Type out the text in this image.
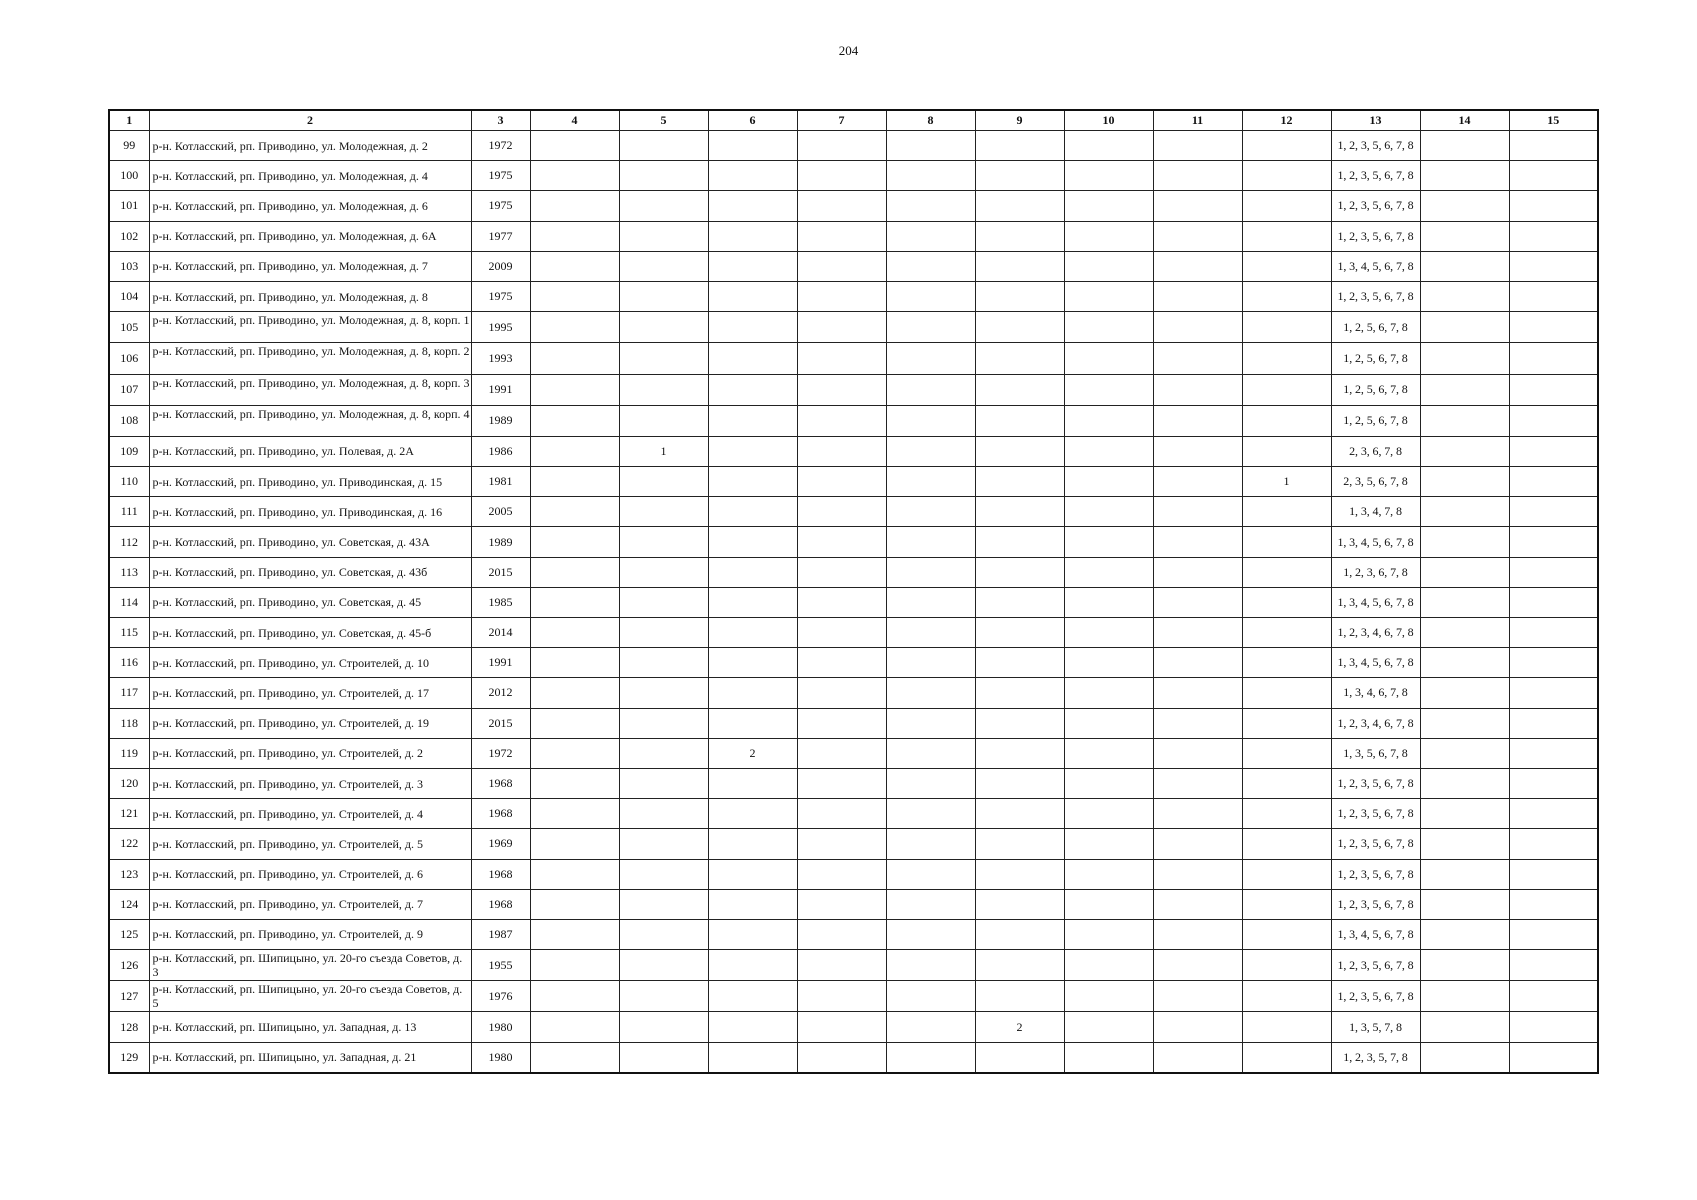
204
1	2	3	4	5	6	7	8	9	10	11	12	13	14	15
99	р-н. Котласский, рп. Приводино, ул. Молодежная, д. 2	1972										1, 2, 3, 5, 6, 7, 8		
100	р-н. Котласский, рп. Приводино, ул. Молодежная, д. 4	1975										1, 2, 3, 5, 6, 7, 8		
101	р-н. Котласский, рп. Приводино, ул. Молодежная, д. 6	1975										1, 2, 3, 5, 6, 7, 8		
102	р-н. Котласский, рп. Приводино, ул. Молодежная, д. 6А	1977										1, 2, 3, 5, 6, 7, 8		
103	р-н. Котласский, рп. Приводино, ул. Молодежная, д. 7	2009										1, 3, 4, 5, 6, 7, 8		
104	р-н. Котласский, рп. Приводино, ул. Молодежная, д. 8	1975										1, 2, 3, 5, 6, 7, 8		
105	р-н. Котласский, рп. Приводино, ул. Молодежная, д. 8, корп. 1	1995										1, 2, 5, 6, 7, 8		
106	р-н. Котласский, рп. Приводино, ул. Молодежная, д. 8, корп. 2	1993										1, 2, 5, 6, 7, 8		
107	р-н. Котласский, рп. Приводино, ул. Молодежная, д. 8, корп. 3	1991										1, 2, 5, 6, 7, 8		
108	р-н. Котласский, рп. Приводино, ул. Молодежная, д. 8, корп. 4	1989										1, 2, 5, 6, 7, 8		
109	р-н. Котласский, рп. Приводино, ул. Полевая, д. 2А	1986		1								2, 3, 6, 7, 8		
110	р-н. Котласский, рп. Приводино, ул. Приводинская, д. 15	1981									1	2, 3, 5, 6, 7, 8		
111	р-н. Котласский, рп. Приводино, ул. Приводинская, д. 16	2005										1, 3, 4, 7, 8		
112	р-н. Котласский, рп. Приводино, ул. Советская, д. 43А	1989										1, 3, 4, 5, 6, 7, 8		
113	р-н. Котласский, рп. Приводино, ул. Советская, д. 43б	2015										1, 2, 3, 6, 7, 8		
114	р-н. Котласский, рп. Приводино, ул. Советская, д. 45	1985										1, 3, 4, 5, 6, 7, 8		
115	р-н. Котласский, рп. Приводино, ул. Советская, д. 45-б	2014										1, 2, 3, 4, 6, 7, 8		
116	р-н. Котласский, рп. Приводино, ул. Строителей, д. 10	1991										1, 3, 4, 5, 6, 7, 8		
117	р-н. Котласский, рп. Приводино, ул. Строителей, д. 17	2012										1, 3, 4, 6, 7, 8		
118	р-н. Котласский, рп. Приводино, ул. Строителей, д. 19	2015										1, 2, 3, 4, 6, 7, 8		
119	р-н. Котласский, рп. Приводино, ул. Строителей, д. 2	1972			2							1, 3, 5, 6, 7, 8		
120	р-н. Котласский, рп. Приводино, ул. Строителей, д. 3	1968										1, 2, 3, 5, 6, 7, 8		
121	р-н. Котласский, рп. Приводино, ул. Строителей, д. 4	1968										1, 2, 3, 5, 6, 7, 8		
122	р-н. Котласский, рп. Приводино, ул. Строителей, д. 5	1969										1, 2, 3, 5, 6, 7, 8		
123	р-н. Котласский, рп. Приводино, ул. Строителей, д. 6	1968										1, 2, 3, 5, 6, 7, 8		
124	р-н. Котласский, рп. Приводино, ул. Строителей, д. 7	1968										1, 2, 3, 5, 6, 7, 8		
125	р-н. Котласский, рп. Приводино, ул. Строителей, д. 9	1987										1, 3, 4, 5, 6, 7, 8		
126	р-н. Котласский, рп. Шипицыно, ул. 20-го съезда Советов, д. 3	1955										1, 2, 3, 5, 6, 7, 8		
127	р-н. Котласский, рп. Шипицыно, ул. 20-го съезда Советов, д. 5	1976										1, 2, 3, 5, 6, 7, 8		
128	р-н. Котласский, рп. Шипицыно, ул. Западная, д. 13	1980						2				1, 3, 5, 7, 8		
129	р-н. Котласский, рп. Шипицыно, ул. Западная, д. 21	1980										1, 2, 3, 5, 7, 8		
